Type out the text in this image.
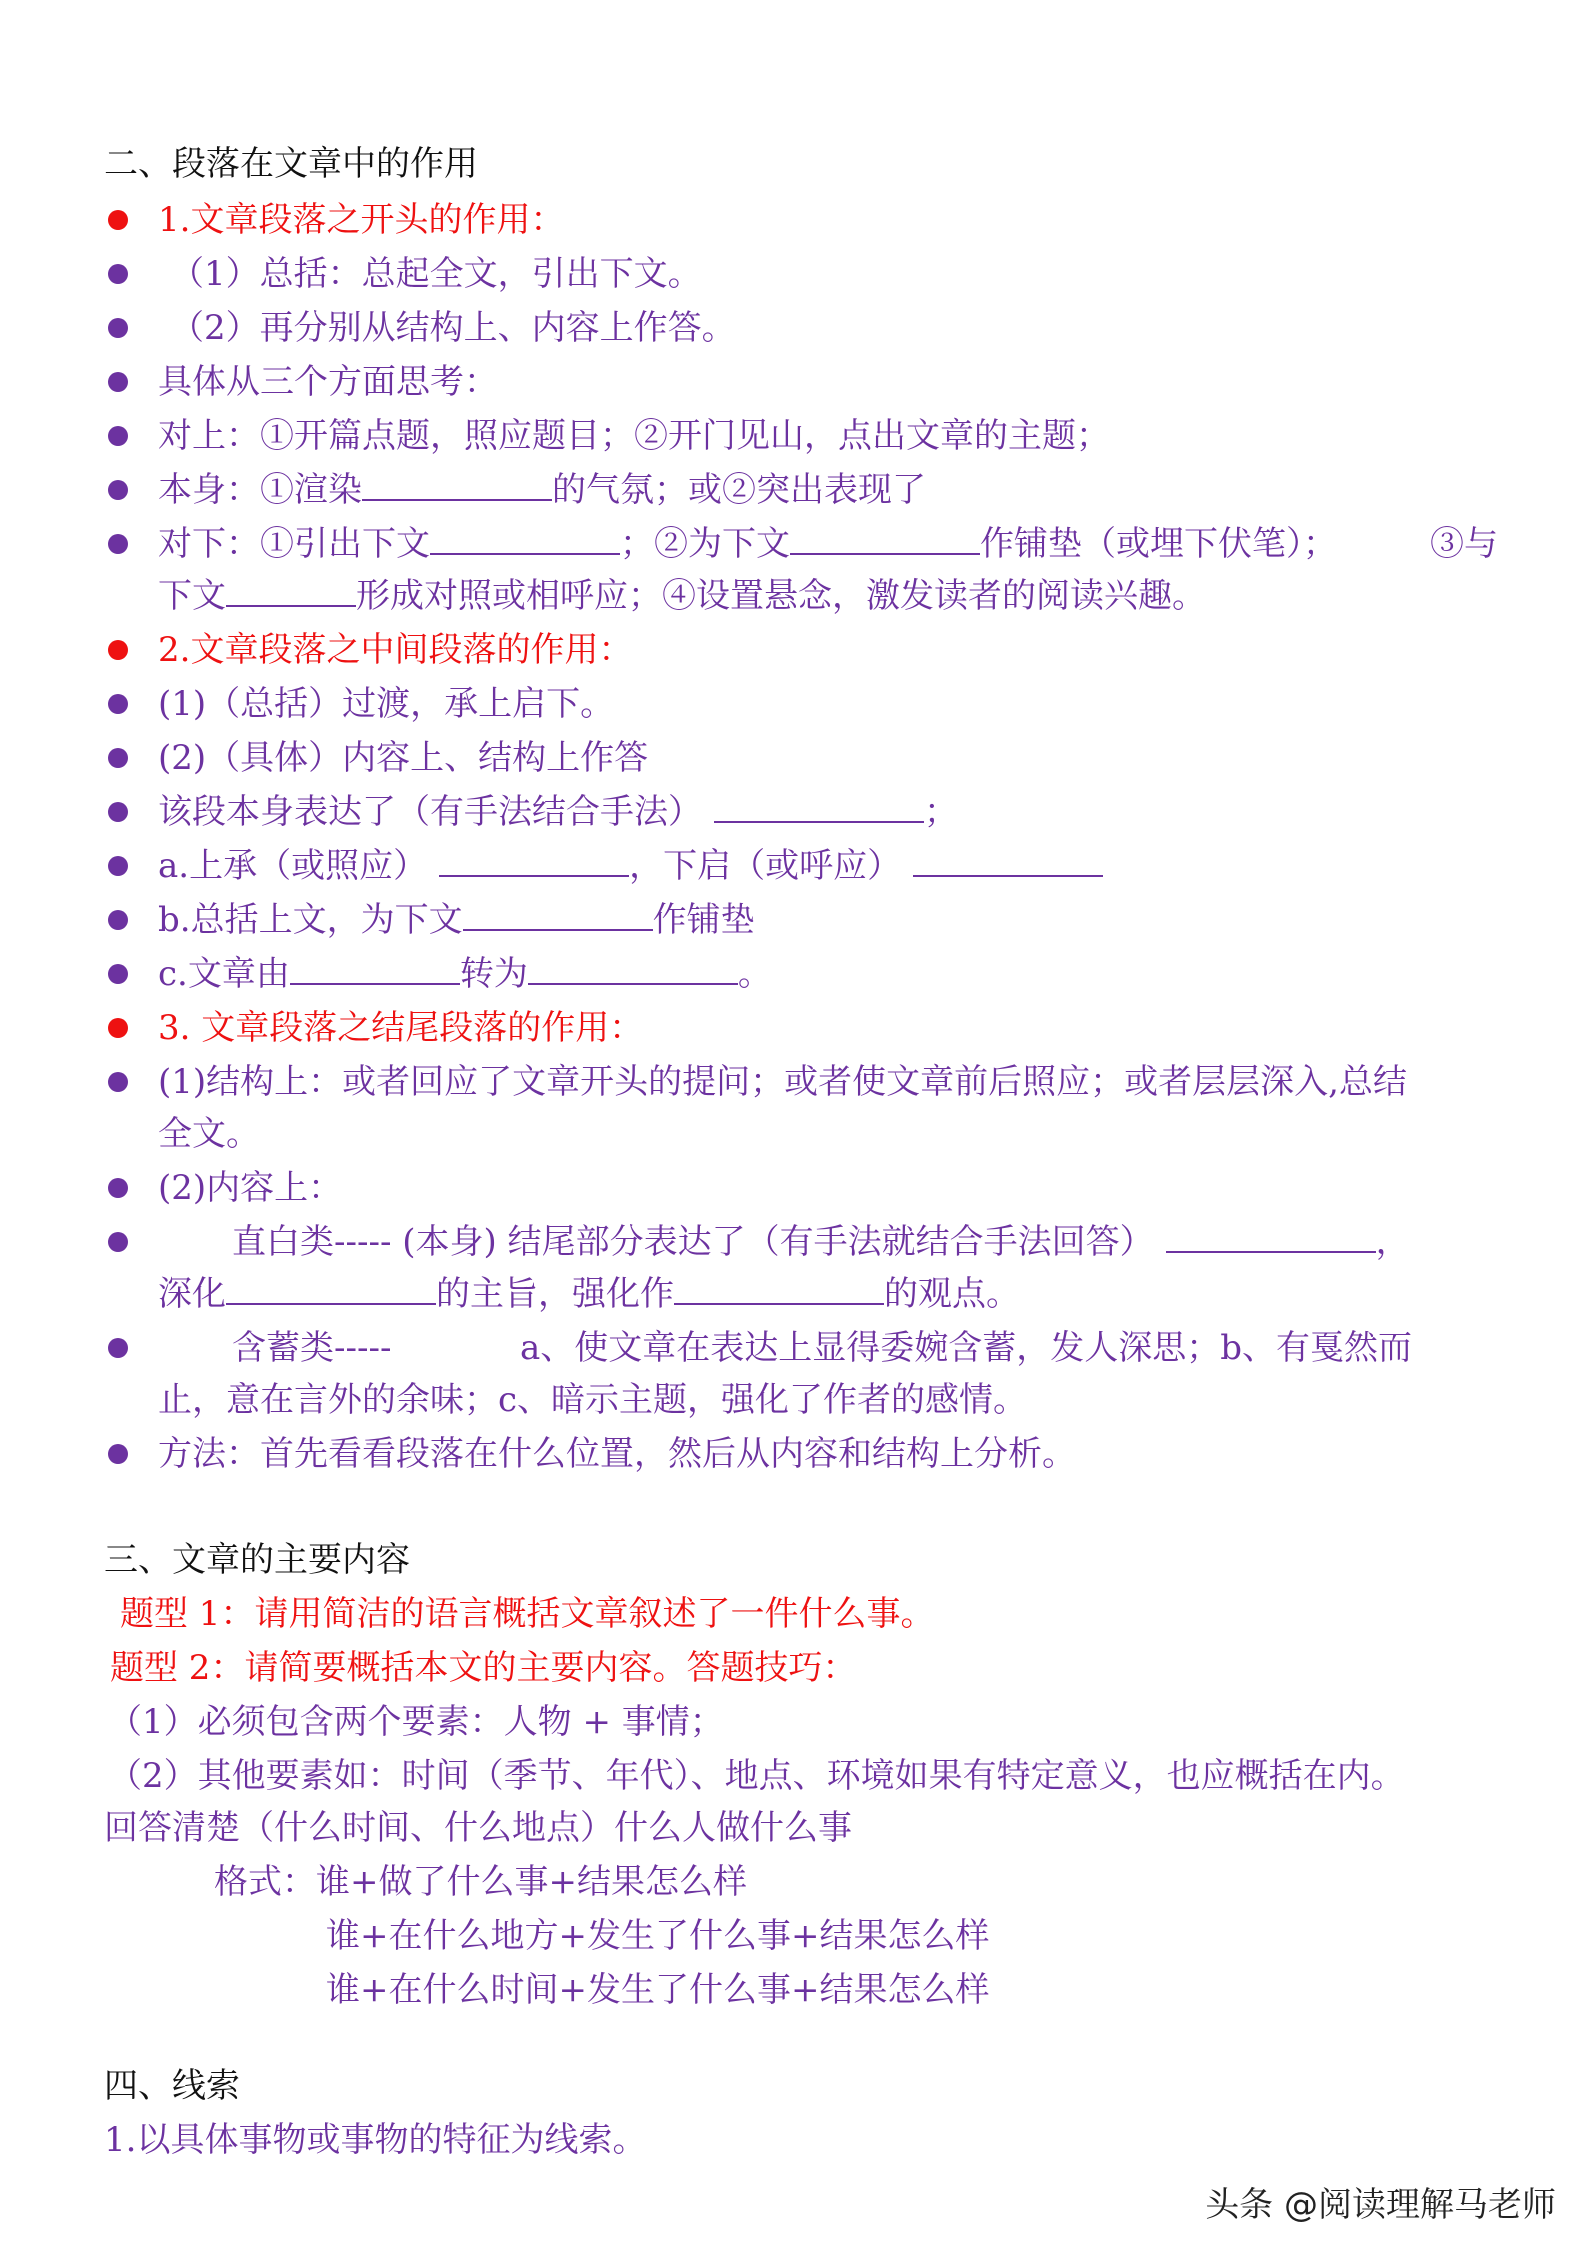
二、段落在文章中的作用
1.文章段落之开头的作用：
（1）总括：总起全文，引出下文。
（2）再分别从结构上、内容上作答。
具体从三个方面思考：
对上：①开篇点题，照应题目；②开门见山，点出文章的主题；
本身：①渲染	的气氛；或②突出表现了
对下：①引出下文	；②为下文	作铺垫（或埋下伏笔）；	③与
下文	形成对照或相呼应；④设置悬念，激发读者的阅读兴趣。
2.文章段落之中间段落的作用：
(1)（总括）过渡，承上启下。
(2)（具体）内容上、结构上作答
该段本身表达了（有手法结合手法）	；
a.上承（或照应）	，下启（或呼应）
b.总括上文，为下文	作铺垫
c.文章由	转为	。
3. 文章段落之结尾段落的作用：
(1)结构上：或者回应了文章开头的提问；或者使文章前后照应；或者层层深入,总结
全文。
(2)内容上：
直白类----- (本身) 结尾部分表达了（有手法就结合手法回答）	，
深化	的主旨，强化作	的观点。
含蓄类-----	a、使文章在表达上显得委婉含蓄，发人深思；b、有戛然而
止，意在言外的余味；c、暗示主题，强化了作者的感情。
方法：首先看看段落在什么位置，然后从内容和结构上分析。
三、文章的主要内容
题型 1：请用简洁的语言概括文章叙述了一件什么事。
题型 2：请简要概括本文的主要内容。答题技巧：
（1）必须包含两个要素：人物 + 事情；
（2）其他要素如：时间（季节、年代）、地点、环境如果有特定意义，也应概括在内。
回答清楚（什么时间、什么地点）什么人做什么事
格式：谁+做了什么事+结果怎么样
谁+在什么地方+发生了什么事+结果怎么样
谁+在什么时间+发生了什么事+结果怎么样
四、线索
1.以具体事物或事物的特征为线索。
头条 @阅读理解马老师
